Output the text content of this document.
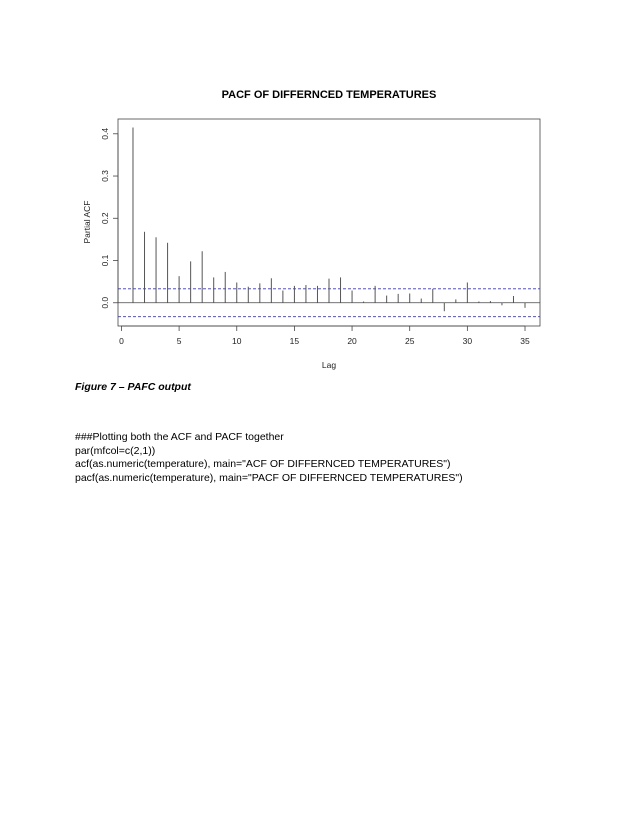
PACF OF DIFFERNCED TEMPERATURES
0	5	10	15	20	25	30	35
0.0
0.1
0.2
0.3
0.4
Lag
Partial ACF

Figure 7 – PAFC output

###Plotting both the ACF and PACF together
par(mfcol=c(2,1))
acf(as.numeric(temperature), main="ACF OF DIFFERNCED TEMPERATURES")
pacf(as.numeric(temperature), main="PACF OF DIFFERNCED TEMPERATURES")
